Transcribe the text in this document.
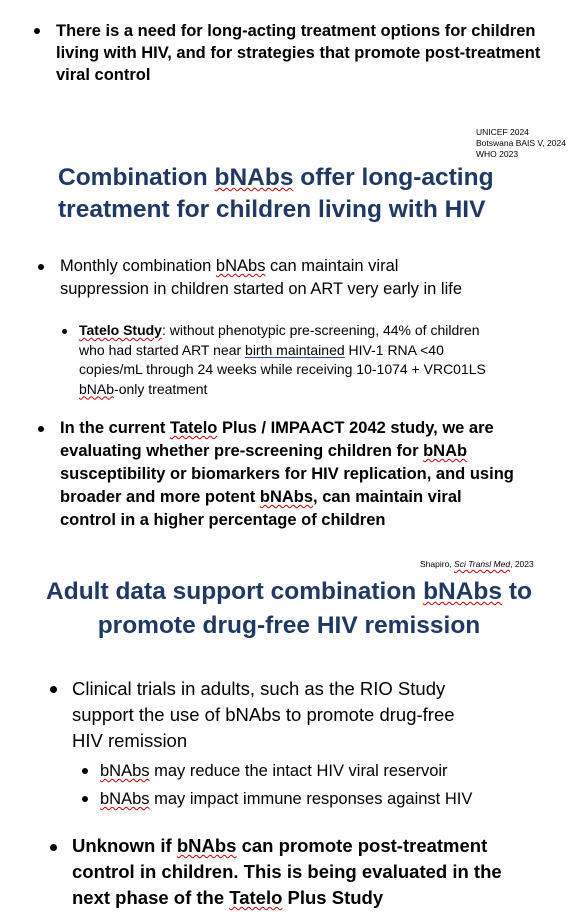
There is a need for long-acting treatment options for children living with HIV, and for strategies that promote post-treatment viral control
UNICEF 2024
Botswana BAIS V, 2024
WHO 2023
Combination bNAbs offer long-acting
treatment for children living with HIV
Monthly combination bNAbs can maintain viral
suppression in children started on ART very early in life
Tatelo Study: without phenotypic pre-screening, 44% of children
who had started ART near birth maintained HIV-1 RNA <40
copies/mL through 24 weeks while receiving 10-1074 + VRC01LS
bNAb-only treatment
In the current Tatelo Plus / IMPAACT 2042 study, we are
evaluating whether pre-screening children for bNAb
susceptibility or biomarkers for HIV replication, and using
broader and more potent bNAbs, can maintain viral
control in a higher percentage of children
Shapiro, Sci Transl Med, 2023
Adult data support combination bNAbs to
promote drug-free HIV remission
Clinical trials in adults, such as the RIO Study
support the use of bNAbs to promote drug-free
HIV remission
bNAbs may reduce the intact HIV viral reservoir
bNAbs may impact immune responses against HIV
Unknown if bNAbs can promote post-treatment
control in children. This is being evaluated in the
next phase of the Tatelo Plus Study
